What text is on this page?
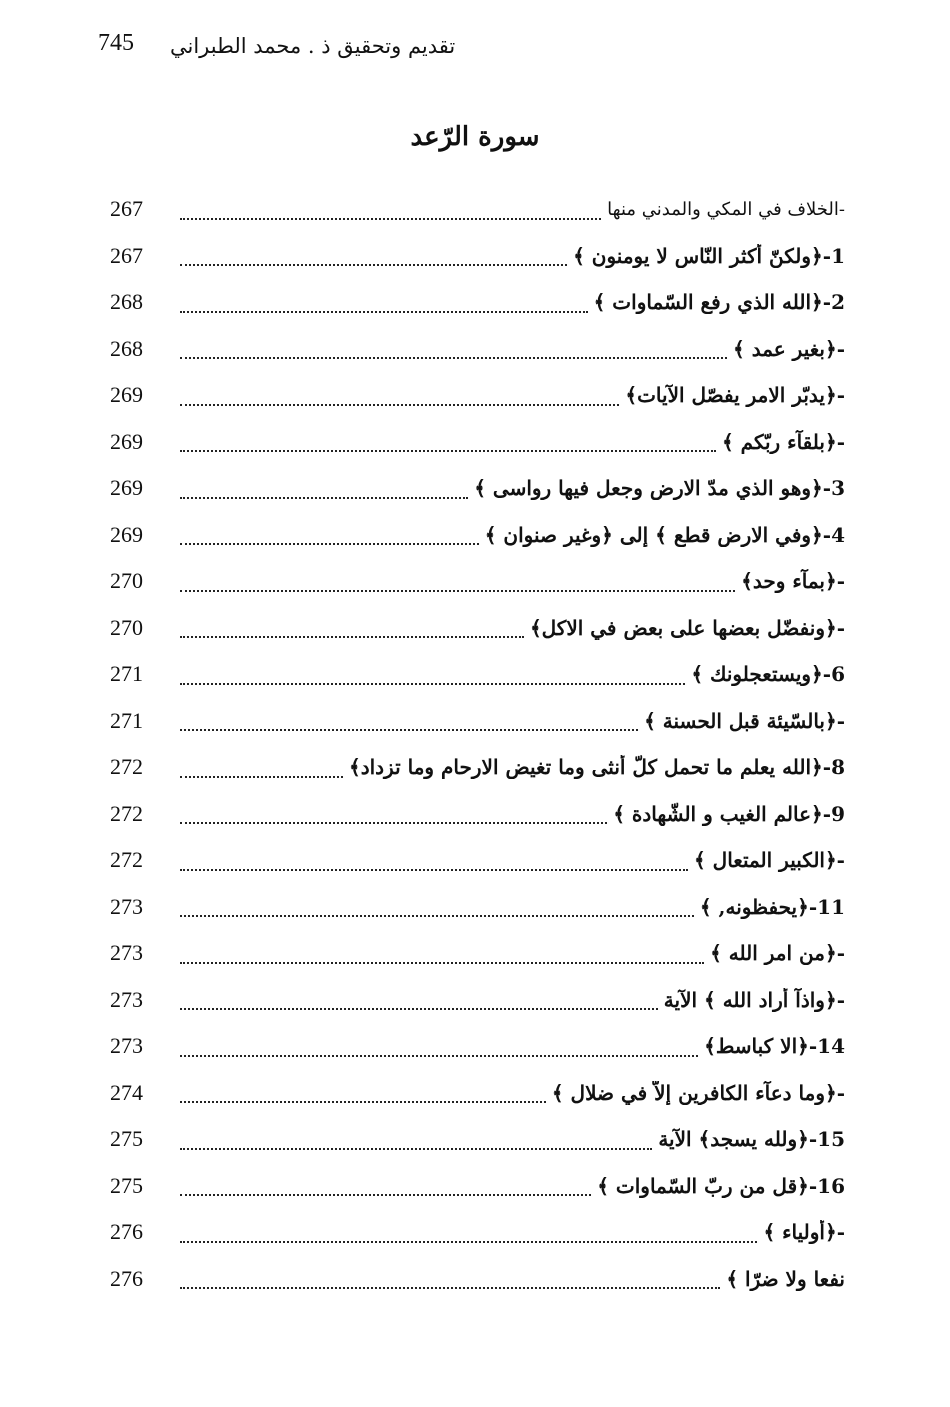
745 تقديم وتحقيق ذ . محمد الطبراني
سورة الرّعد
267	-الخلاف في المكي والمدني منها
267	1-﴿ولكنّ أكثر النّاس لا يومنون ﴾
268	2-﴿الله الذي رفع السّماوات ﴾
268	-﴿بغير عمد ﴾
269	-﴿يدبّر الامر يفصّل الآيات﴾
269	-﴿بلقآء ربّكم ﴾
269	3-﴿وهو الذي مدّ الارض وجعل فيها رواسى ﴾
269	4-﴿وفي الارض قطع ﴾ إلى ﴿وغير صنوان ﴾
270	-﴿بمآء وحد﴾
270	-﴿ونفضّل بعضها على بعض في الاكل﴾
271	6-﴿ويستعجلونك ﴾
271	-﴿بالسّيئة قبل الحسنة ﴾
272	8-﴿الله يعلم ما تحمل كلّ أنثى وما تغيض الارحام وما تزداد﴾
272	9-﴿عالم الغيب و الشّهادة ﴾
272	-﴿الكبير المتعال ﴾
273	11-﴿يحفظونه, ﴾
273	-﴿من امر الله ﴾
273	-﴿واذآ أراد الله ﴾ الآية
273	14-﴿الا كباسط﴾
274	-﴿وما دعآء الكافرين إلاّ في ضلال ﴾
275	15-﴿ولله يسجد﴾ الآية
275	16-﴿قل من ربّ السّماوات ﴾
276	-﴿أولياء ﴾
276	نفعا ولا ضرّا ﴾
